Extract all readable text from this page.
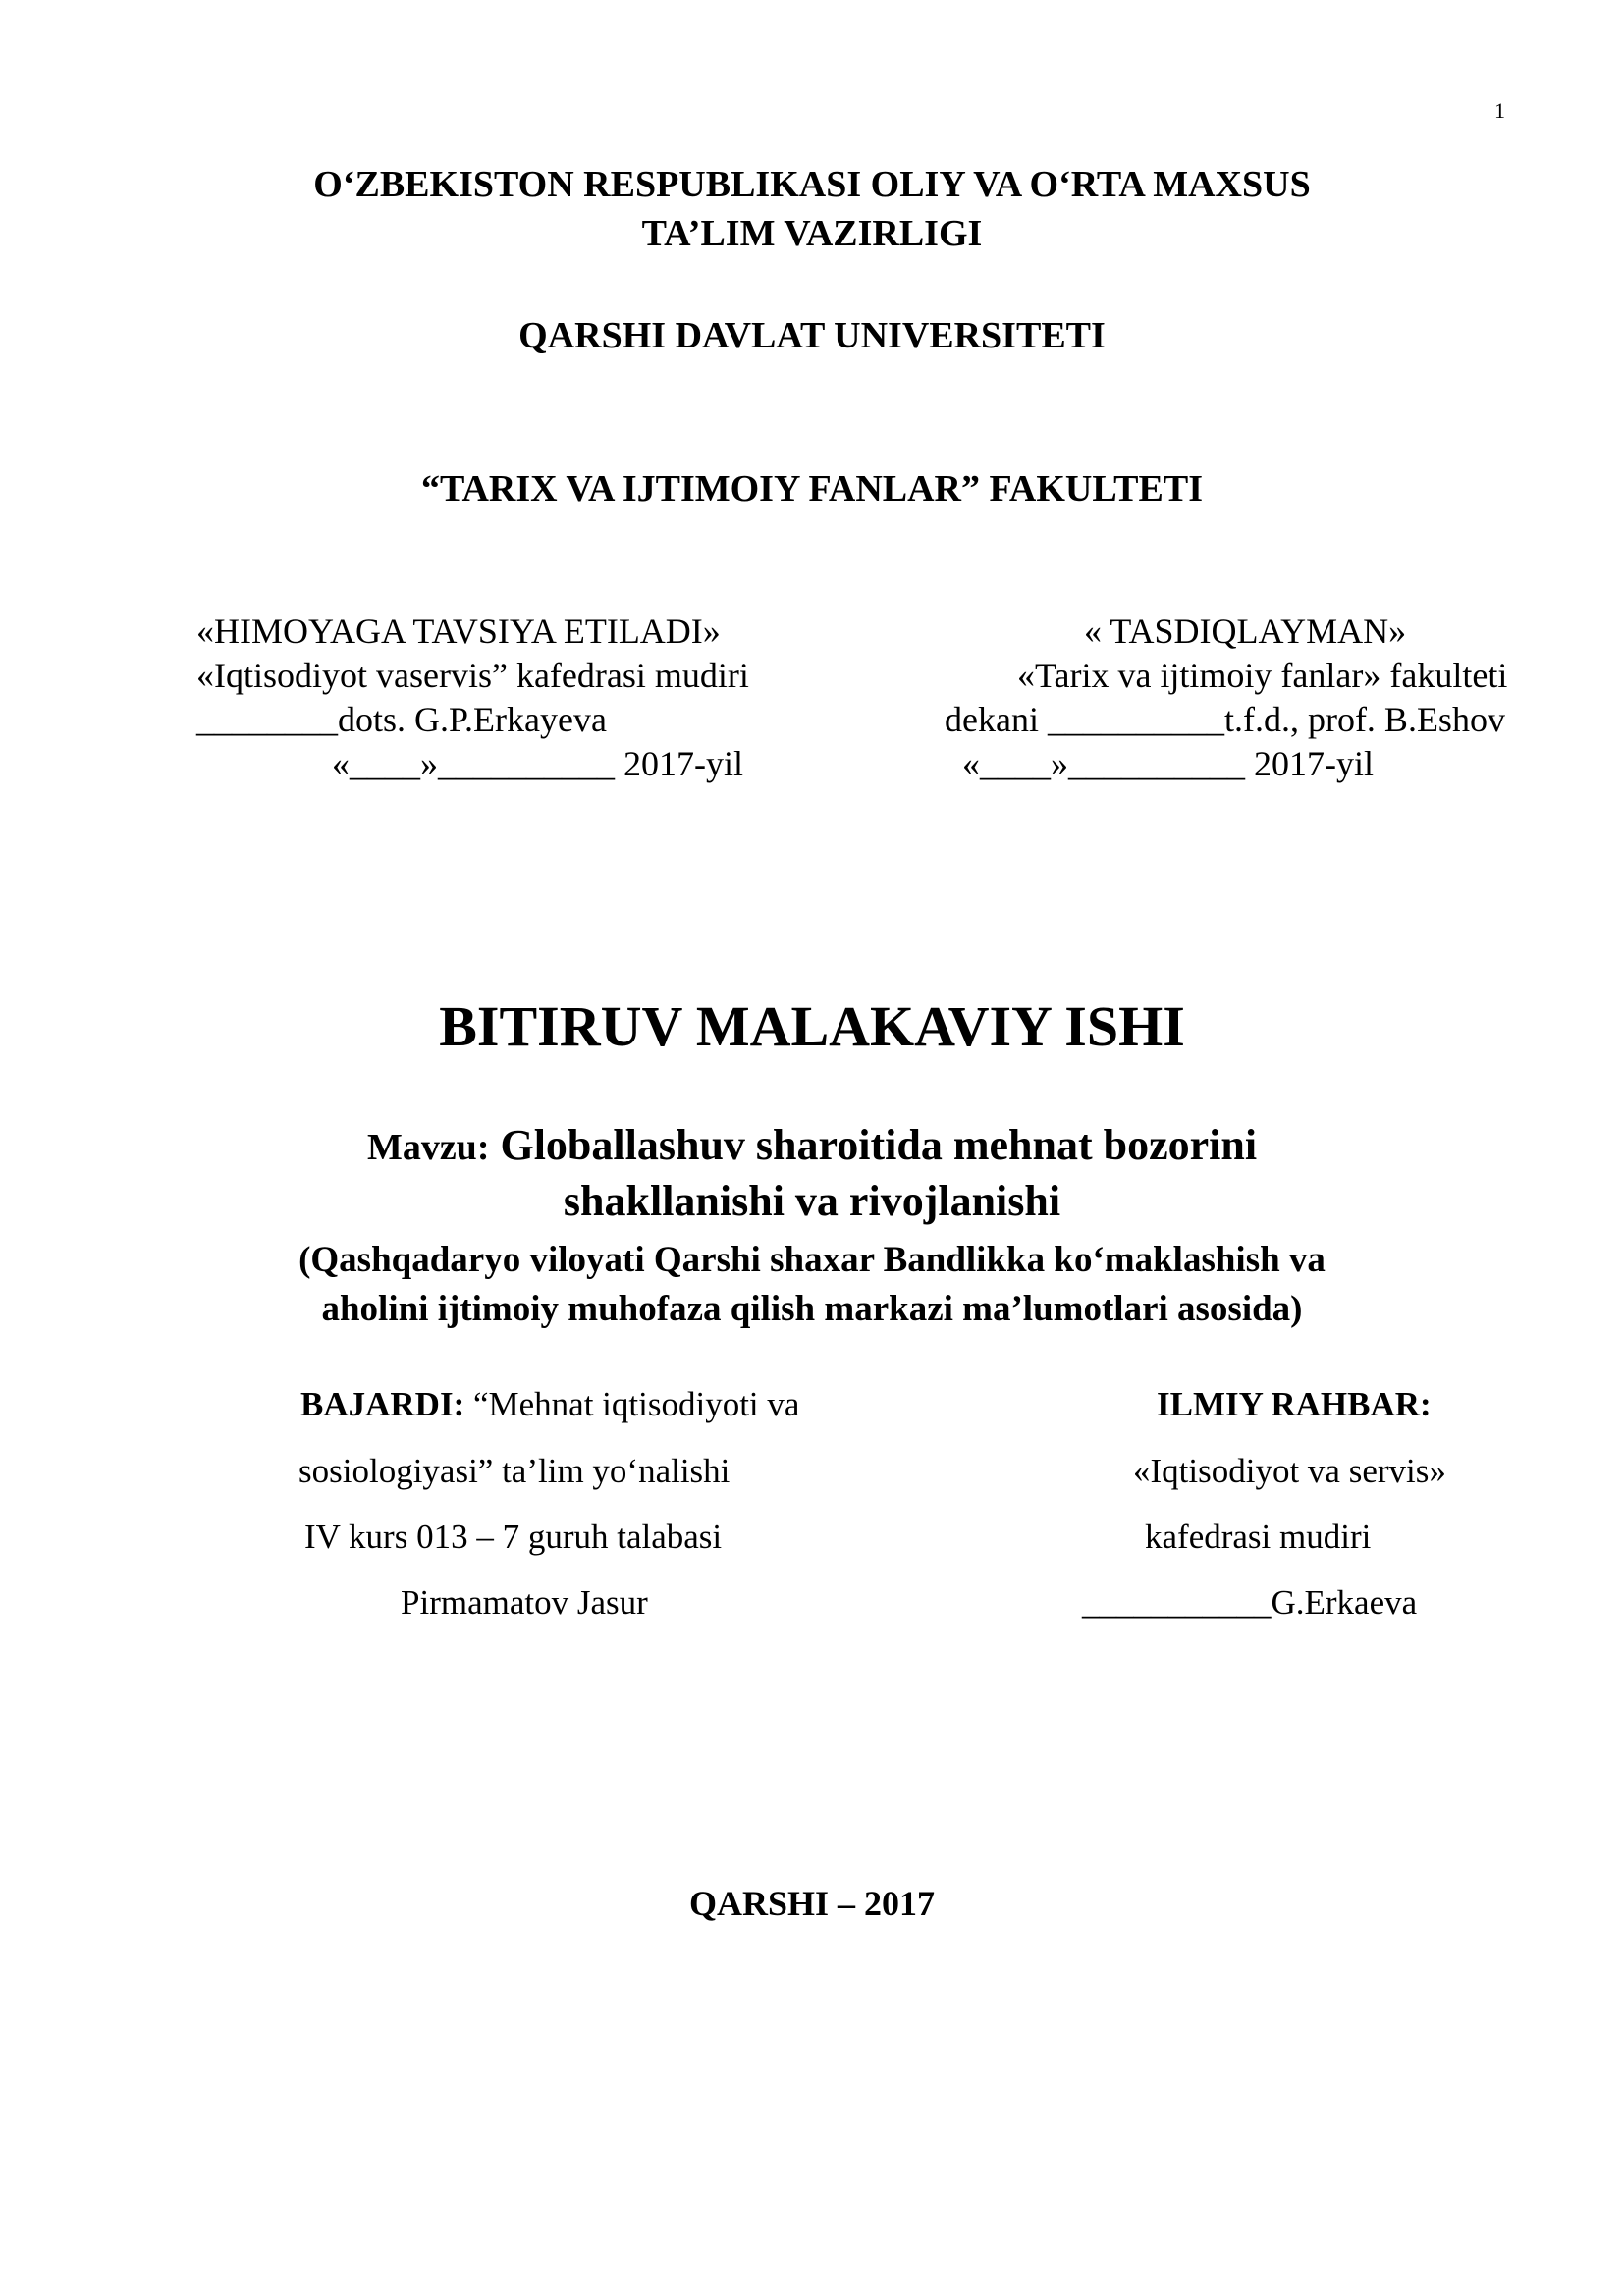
1
O‘ZBEKISTON RESPUBLIKASI OLIY VA O‘RTA MAXSUS
TA’LIM VAZIRLIGI
QARSHI DAVLAT UNIVERSITETI
“TARIX VA IJTIMOIY FANLAR” FAKULTETI
«HIMOYAGA TAVSIYA ETILADI»
«Iqtisodiyot vaservis” kafedrasi mudiri
________dots. G.P.Erkayeva
«____»__________ 2017-yil
« TASDIQLAYMAN»
«Tarix va ijtimoiy fanlar» fakulteti
dekani __________t.f.d., prof. B.Eshov
«____»__________ 2017-yil
BITIRUV MALAKAVIY ISHI
Mavzu: Globallashuv sharoitida mehnat bozorini
shakllanishi va rivojlanishi
(Qashqadaryo viloyati Qarshi shaxar Bandlikka ko‘maklashish va
aholini ijtimoiy muhofaza qilish markazi ma’lumotlari asosida)
BAJARDI: “Mehnat iqtisodiyoti va
sosiologiyasi” ta’lim yo‘nalishi
IV kurs 013 – 7 guruh talabasi
Pirmamatov Jasur
ILMIY RAHBAR:
«Iqtisodiyot va servis»
kafedrasi mudiri
___________G.Erkaeva
QARSHI – 2017
